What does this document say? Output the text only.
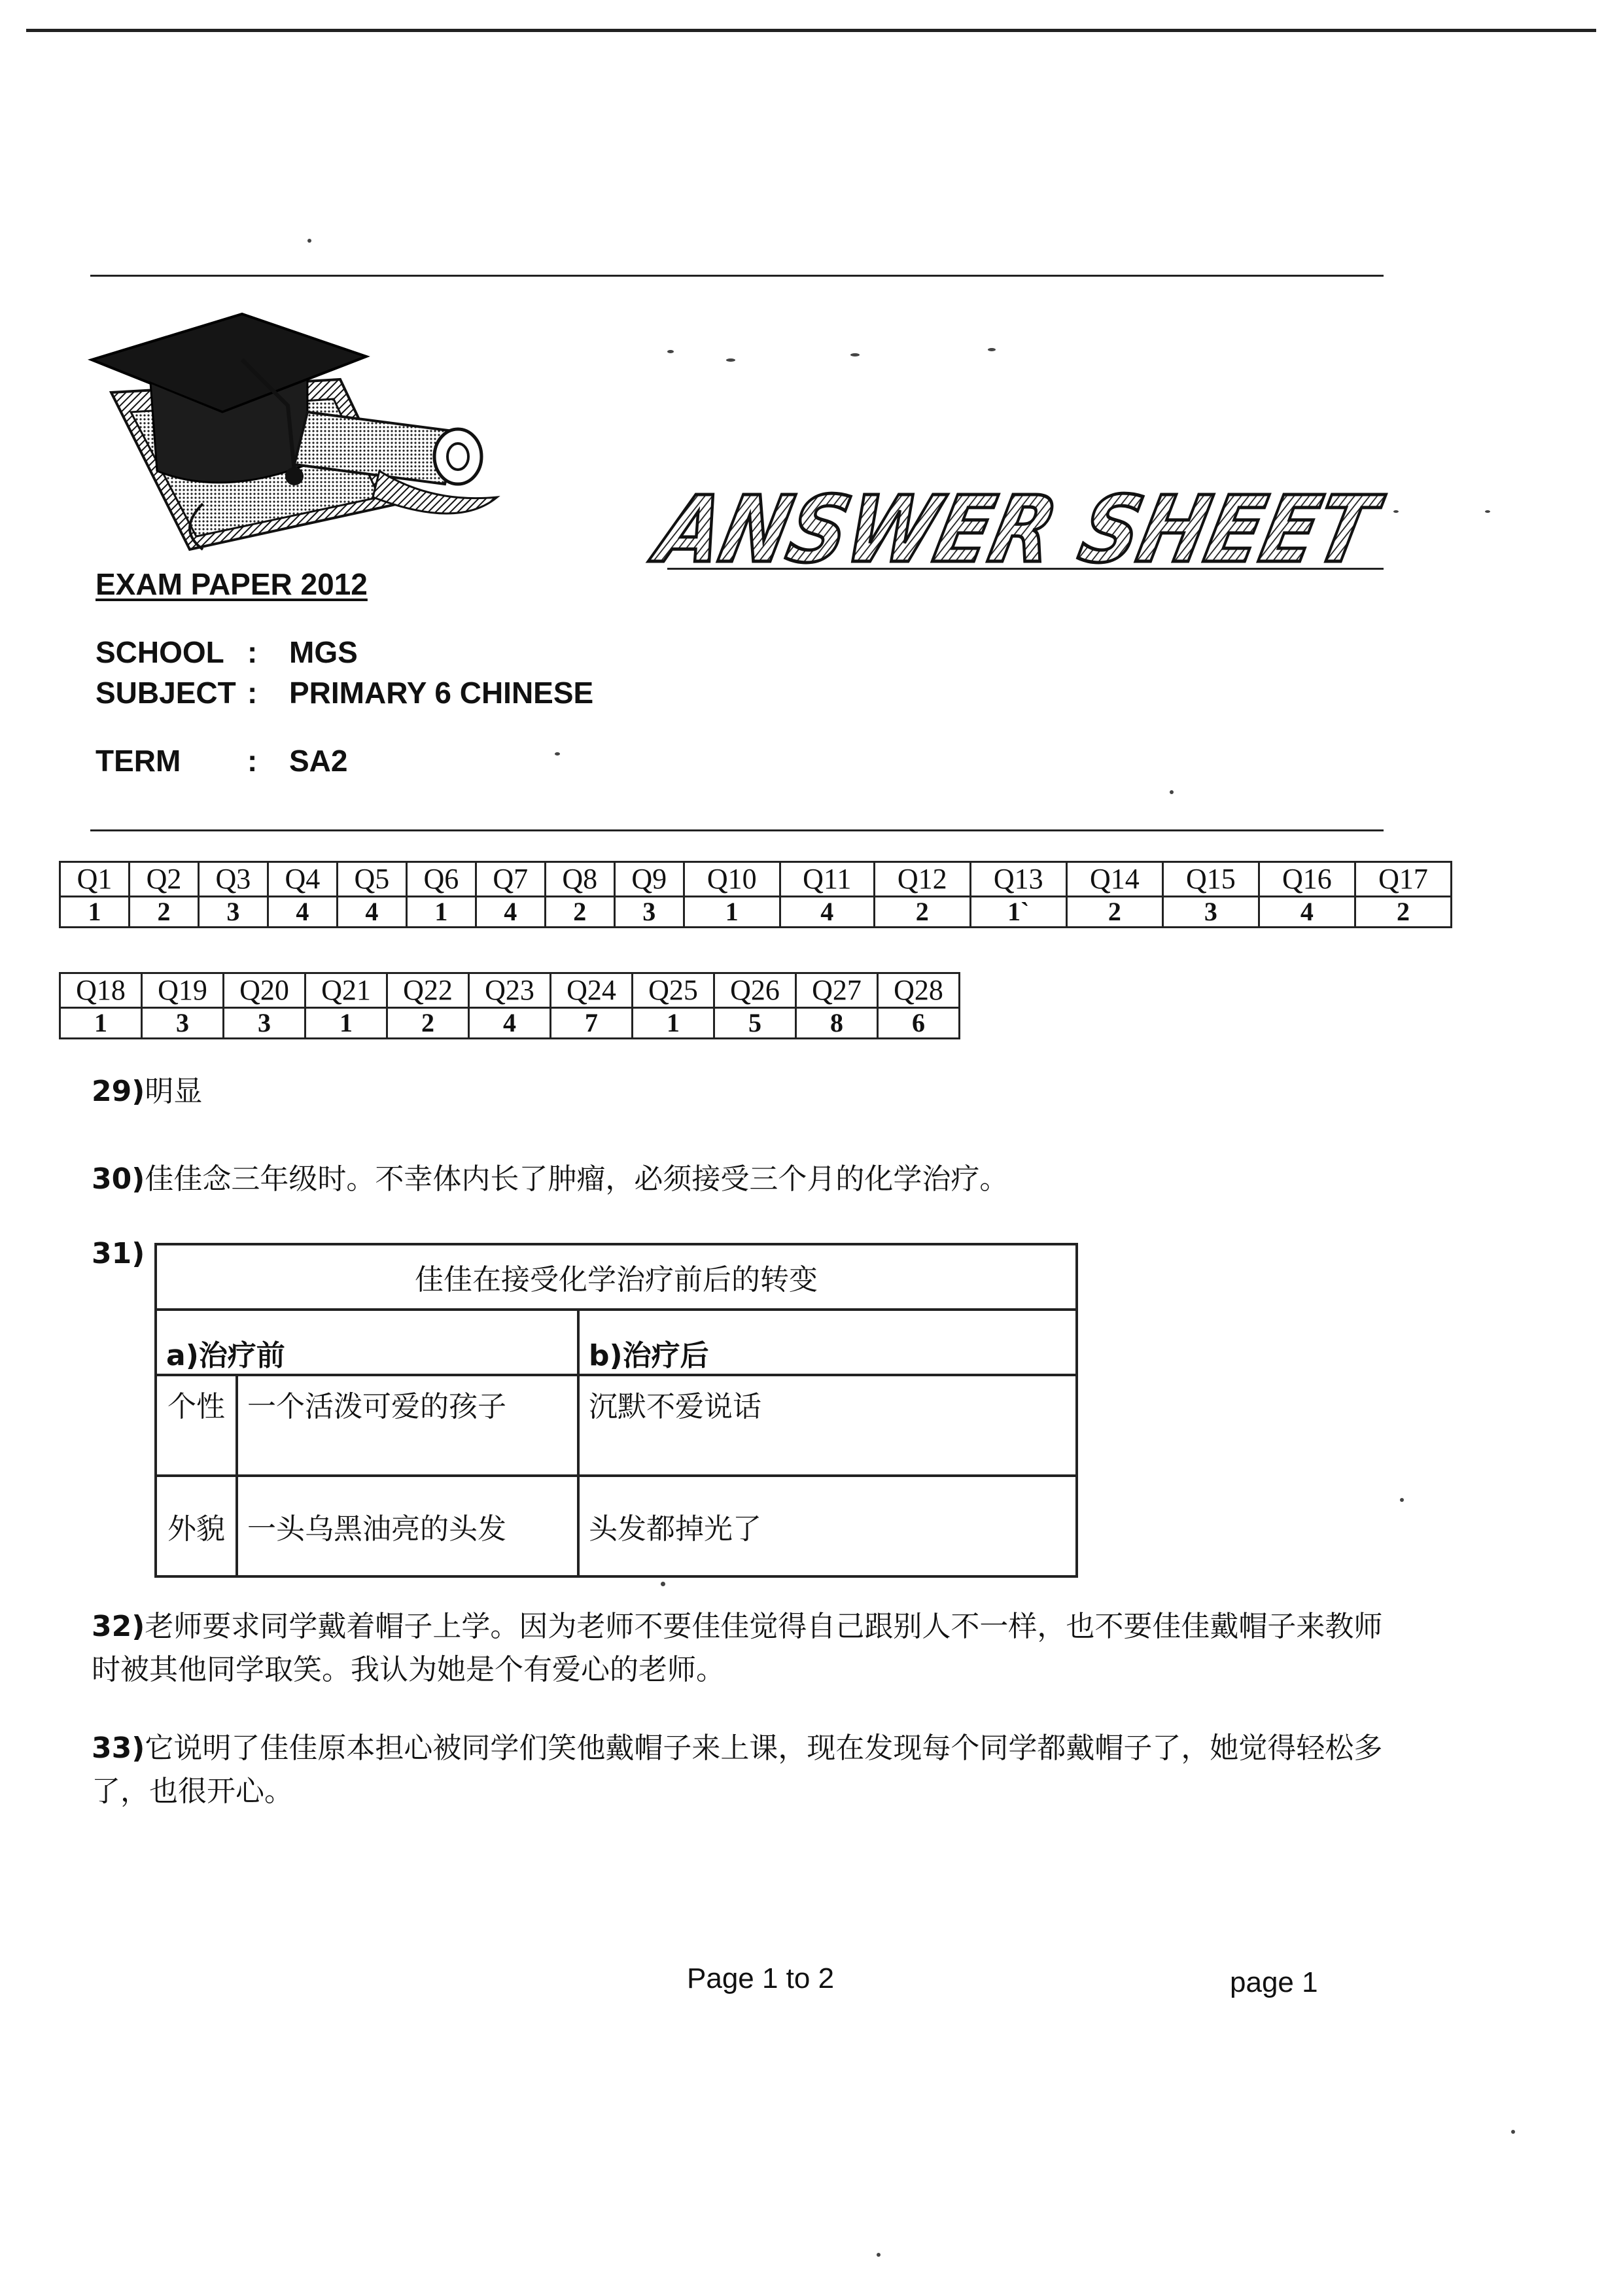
ANSWER SHEET
EXAM PAPER 2012
SCHOOL : MGS
SUBJECT : PRIMARY 6 CHINESE
TERM : SA2
Q1	Q2	Q3	Q4	Q5	Q6	Q7	Q8	Q9	Q10	Q11	Q12	Q13	Q14	Q15	Q16	Q17
1	2	3	4	4	1	4	2	3	1	4	2	1`	2	3	4	2
Q18	Q19	Q20	Q21	Q22	Q23	Q24	Q25	Q26	Q27	Q28
1	3	3	1	2	4	7	1	5	8	6
29)明显
30)佳佳念三年级时。不幸体内长了肿瘤，必须接受三个月的化学治疗。
31)
佳佳在接受化学治疗前后的转变		
a)治疗前		b)治疗后
个性	一个活泼可爱的孩子	沉默不爱说话
外貌	一头乌黑油亮的头发	头发都掉光了
32)老师要求同学戴着帽子上学。因为老师不要佳佳觉得自己跟别人不一样，也不要佳佳戴帽子来教师时被其他同学取笑。我认为她是个有爱心的老师。
33)它说明了佳佳原本担心被同学们笑他戴帽子来上课，现在发现每个同学都戴帽子了，她觉得轻松多了，也很开心。
Page 1 to 2	page 1
